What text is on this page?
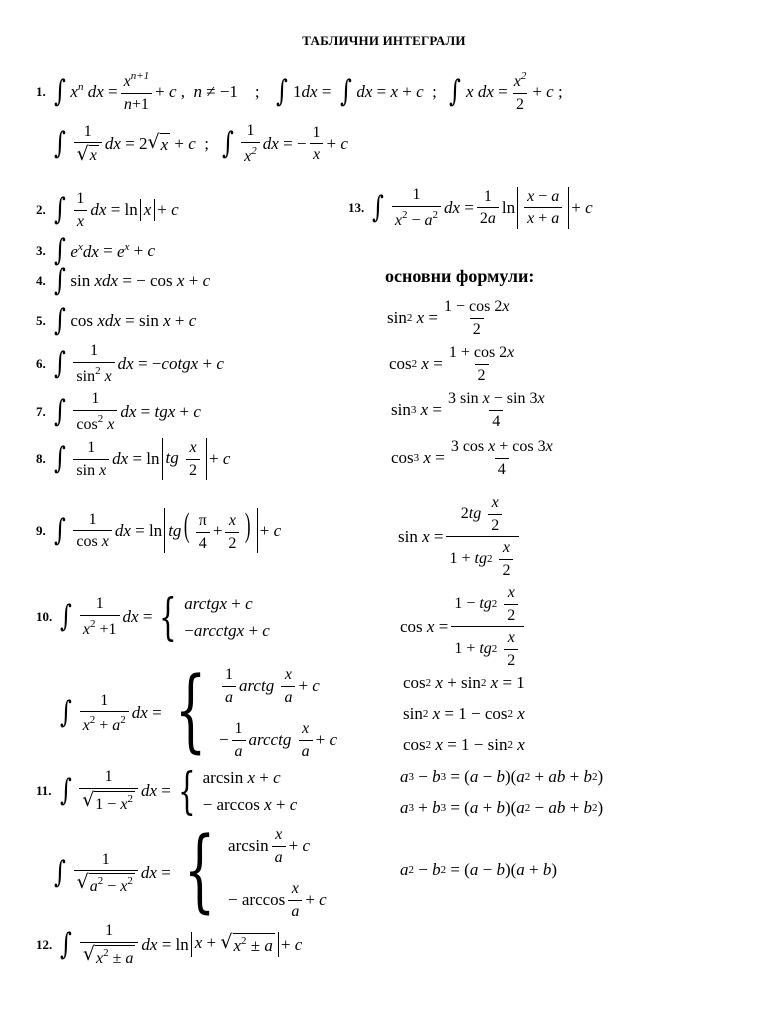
ТАБЛИЧНИ ИНТЕГРАЛИ
1. ∫ $x^n$
dx = $\frac{x^{n+1}}{n+1} + c$ , n ≠ −1    ; ∫ 1 dx = ∫ dx = x + c ; ∫ x
dx = $\frac{x^2}{2} + c$ ;
∫ $\frac{1}{√ x}$ dx = 2 √ x + c ; ∫ $\frac{1}{x^2}$ dx = − $\frac{1}{x} + c$
2. ∫ $\frac{1}{x}$ dx = ln x + c	13. ∫ $\frac{1}{x^2 - a^2}$ dx = $\frac{1}{2a}$ $\ln \frac{x - a}{x + a} + c$
3. ∫ $e^xdx = e^x + c$
4. ∫ sin xdx = − cos x + c	основни формули:
5. ∫ cos xdx = sin x + c
6. ∫ $\frac{1}{\sin^2 x}$ dx = − cotgx + c
7. ∫ $\frac{1}{\cos^2 x}$ dx = tgx + c
8. ∫ $\frac{1}{\text{sin x}}$ dx = ln tg $\frac{x}{2} + c$
9. ∫ $\frac{1}{\text{cos x}}$ dx = $\ln tg( \frac{\pi}{4} + \frac{x}{2}$ ) + c
10. ∫ $\frac{1}{x^2 +1}$ dx = { arctgx + c
−arcctgx + c
∫ $\frac{1}{x^2 + a^2}$ dx = { $\frac{1}{a}$ arctg
$\frac{x}{a} + c$
− $\frac{1}{a}$ arcctg
$\frac{x}{a} + c$
11. ∫ $\frac{1}{√ 1 - x^2}$ dx = { arcsin x + c
− arccos x + c
∫ $\frac{1}{√ a^2 - x^2}$ dx = { $\arcsin \frac{x}{a} + c$
− $\arccos \frac{x}{a} + c$
12. ∫ $\frac{1}{√ x^2 \pm a}$ dx = ln x + √ $x^2 \pm a + c$
sin 2
$x = \frac{1 - \cos 2x}{2}$
cos 2
$x = \frac{1 + \cos 2x}{2}$
sin 3
$x = \frac{\text{3 sin x − sin 3x}}{4}$
cos 3
$x = \frac{\text{3 cos x + cos 3x}}{4}$
sin x = 2 tg
$\frac{x}{2}$
1 + tg 2
$\frac{x}{2}$
cos x = 1 − tg 2
$\frac{x}{2}$
1 + tg 2
$\frac{x}{2}$
cos 2
x + sin 2
x = 1
sin 2
x = 1 − cos 2
x
cos 2
x = 1 − sin 2
x
a 3 − b 3 = ( a − b )( a 2 + ab + b 2 )
a 3 + b 3 = ( a + b )( a 2 − ab + b 2 )
a 2 − b 2 = ( a − b )( a + b )
